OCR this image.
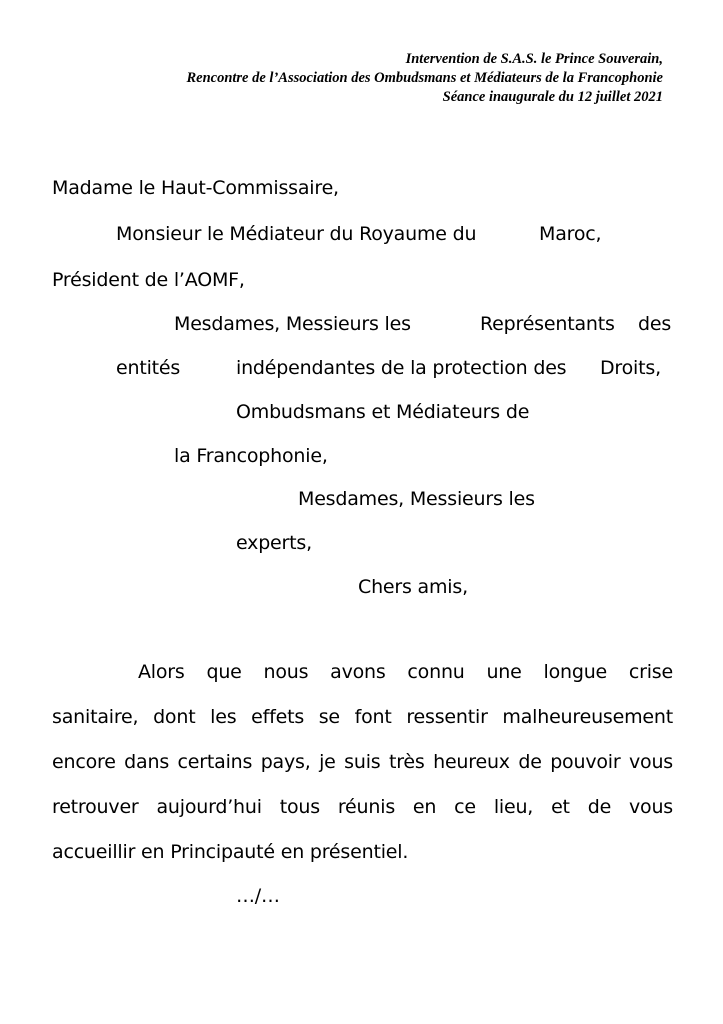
Intervention de S.A.S. le Prince Souverain,
Rencontre de l’Association des Ombudsmans et Médiateurs de la Francophonie
Séance inaugurale du 12 juillet 2021
Madame le Haut-Commissaire,
Monsieur le Médiateur du Royaume du	Maroc,
Président de l’AOMF,
Mesdames, Messieurs les	Représentants des
entités	indépendantes de la protection des Droits,
Ombudsmans et Médiateurs de
la Francophonie,
Mesdames, Messieurs les
experts,
Chers amis,
Alors que nous avons connu une longue crise
sanitaire, dont les effets se font ressentir malheureusement
encore dans certains pays, je suis très heureux de pouvoir vous
retrouver aujourd’hui tous réunis en ce lieu, et de vous
accueillir en Principauté en présentiel.
…/…
